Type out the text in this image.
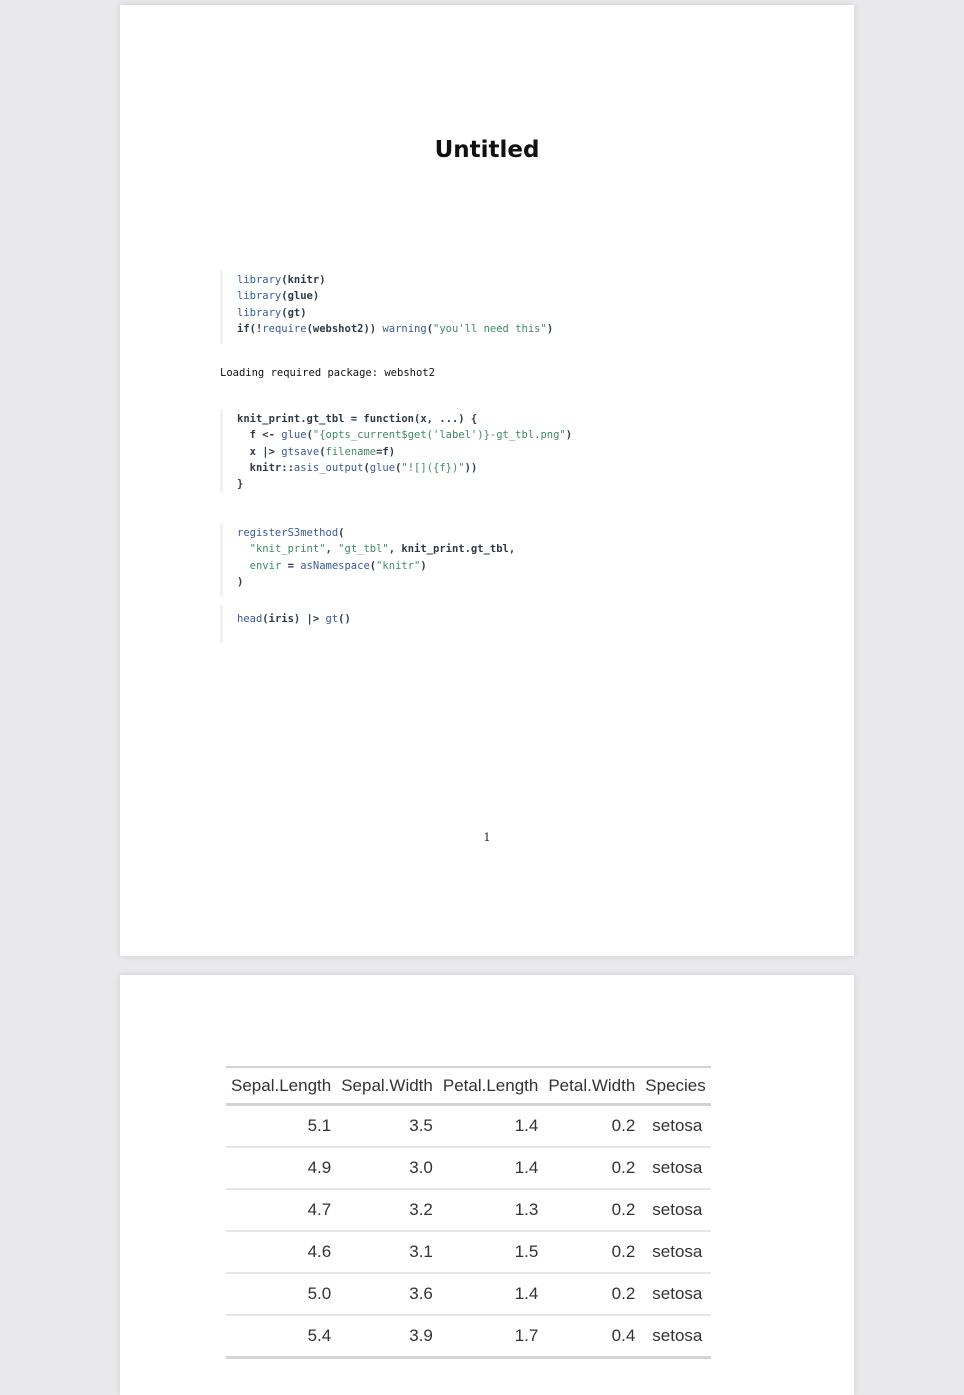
Untitled
library(knitr)
library(glue)
library(gt)
if(!require(webshot2)) warning("you'll need this")
Loading required package: webshot2
knit_print.gt_tbl = function(x, ...) {
f <- glue("{opts_current$get('label')}-gt_tbl.png")
x |> gtsave(filename=f)
knitr::asis_output(glue("![]({f})"))
}
registerS3method(
"knit_print", "gt_tbl", knit_print.gt_tbl,
envir = asNamespace("knitr")
)
head(iris) |> gt()
1
Sepal.Length	Sepal.Width	Petal.Length	Petal.Width	Species
5.1	3.5	1.4	0.2	setosa
4.9	3.0	1.4	0.2	setosa
4.7	3.2	1.3	0.2	setosa
4.6	3.1	1.5	0.2	setosa
5.0	3.6	1.4	0.2	setosa
5.4	3.9	1.7	0.4	setosa
